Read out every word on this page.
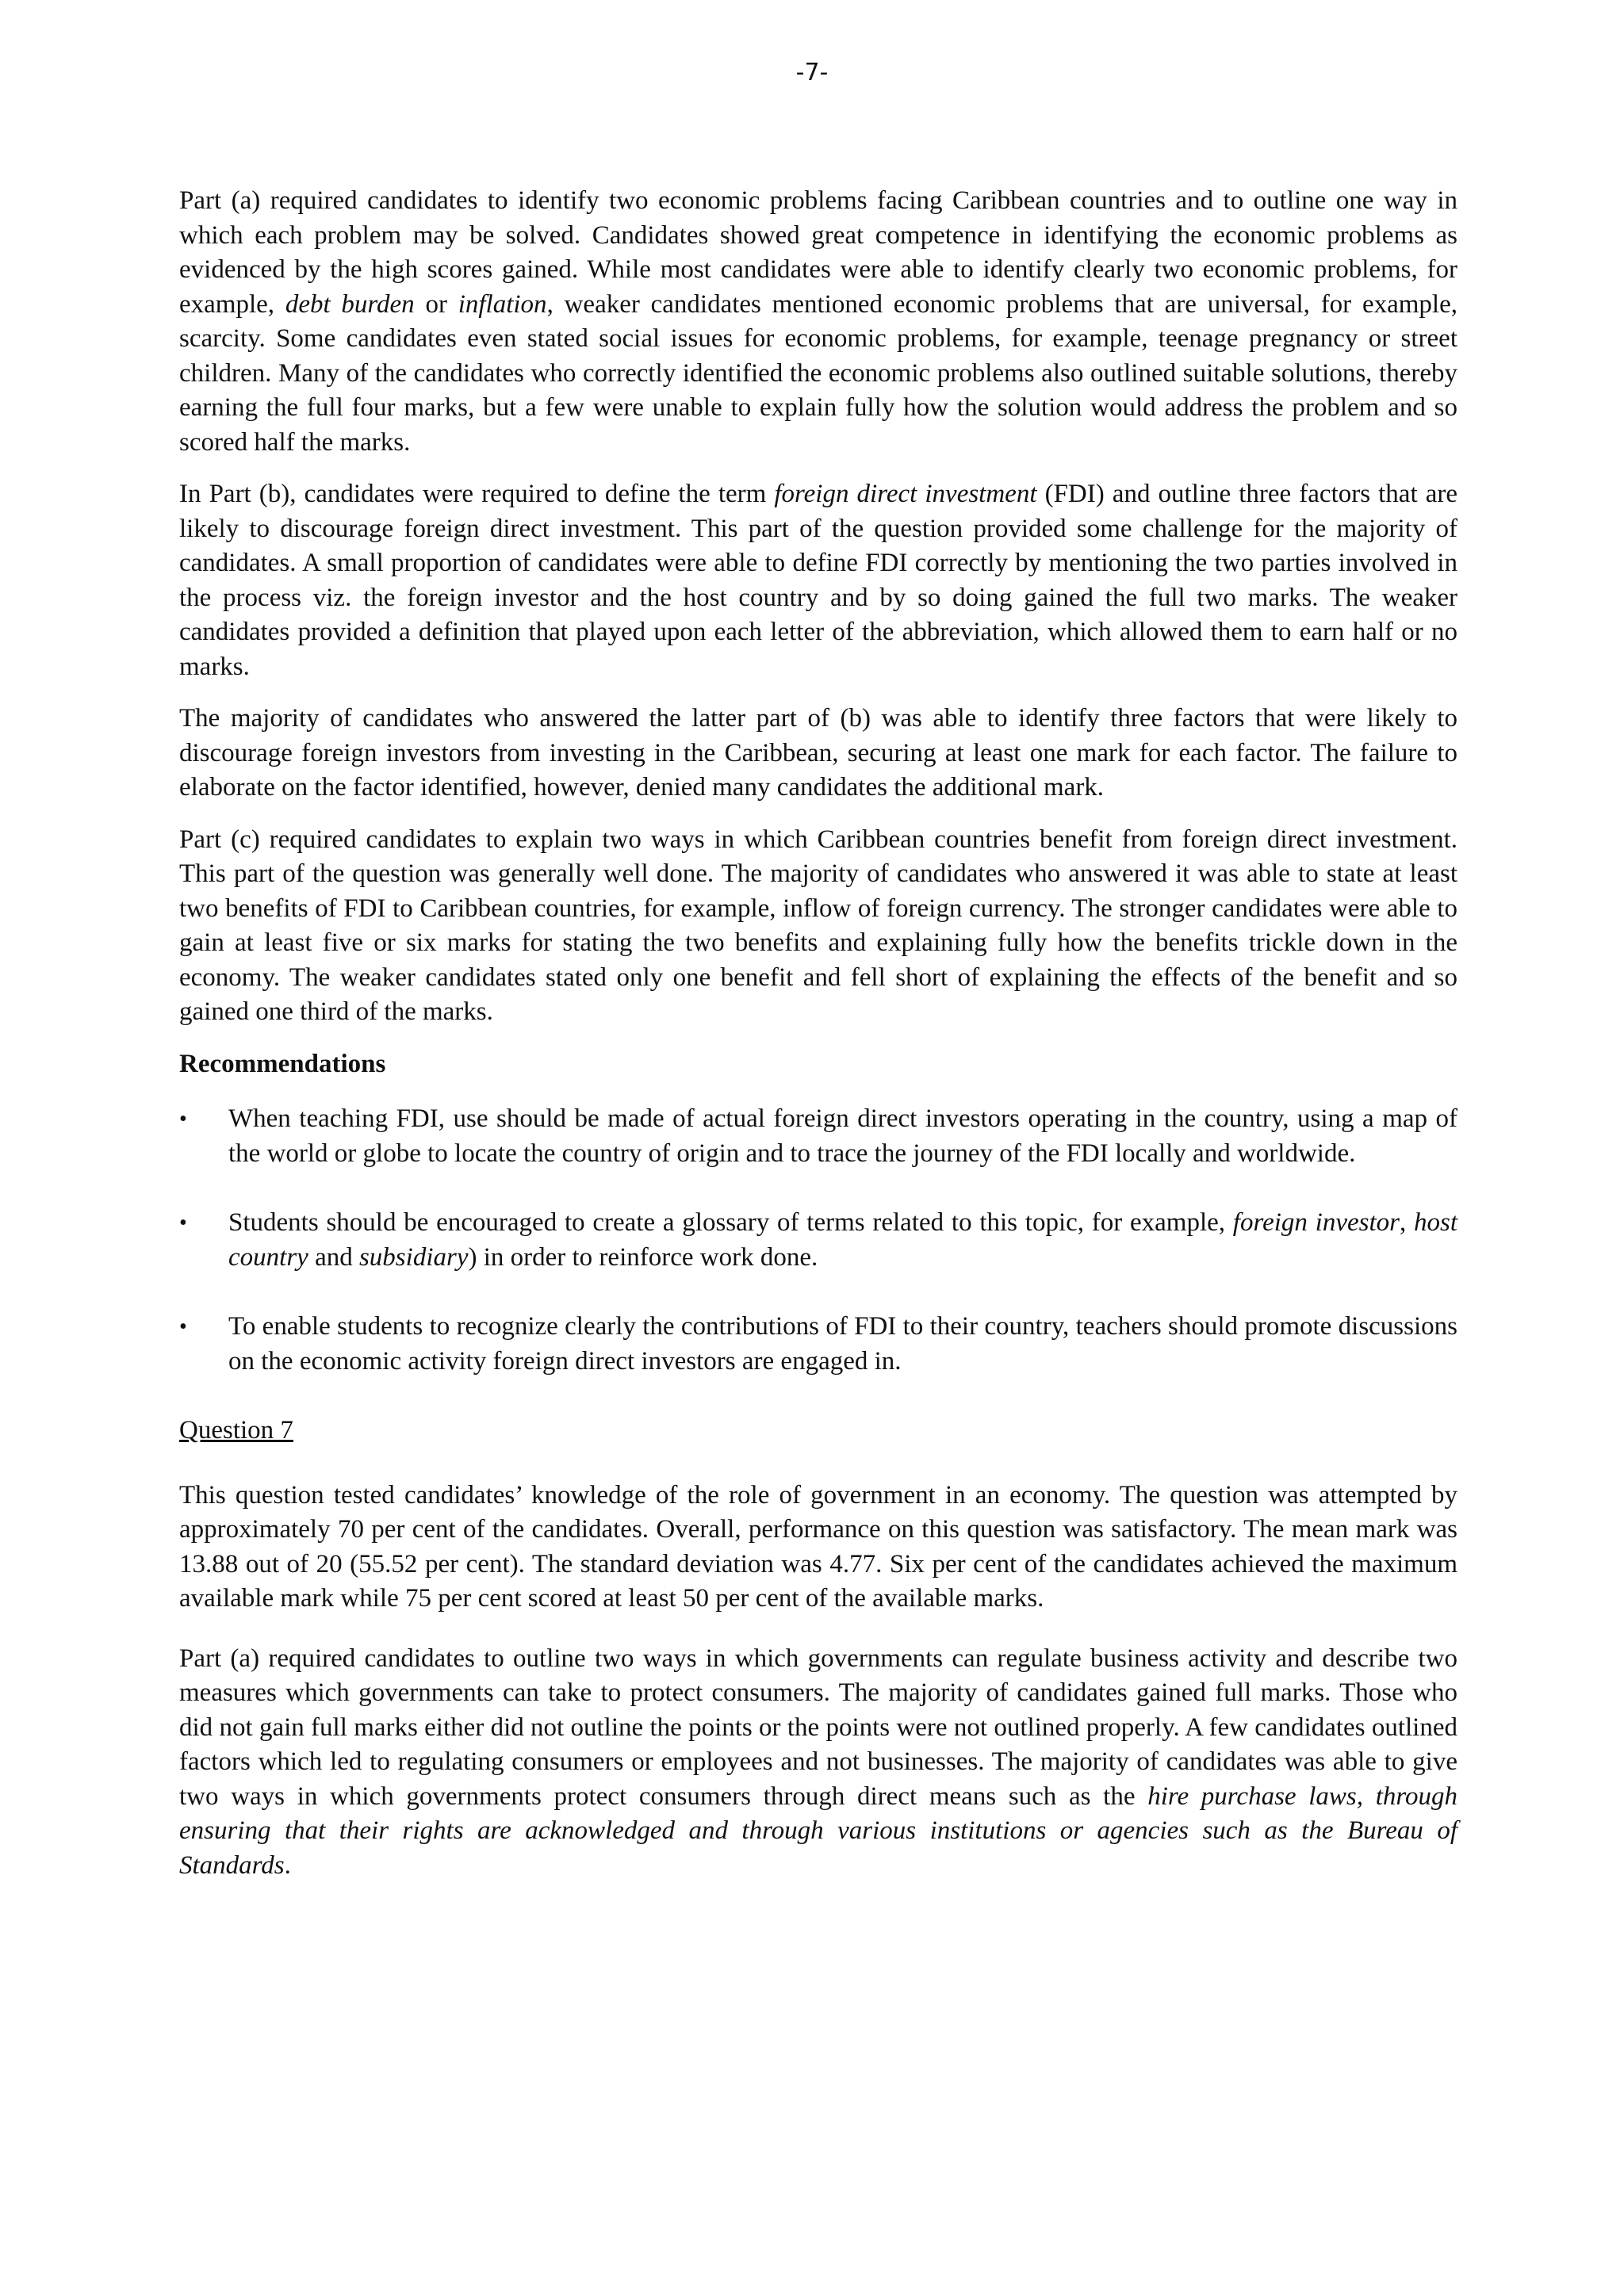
-7-

Part (a) required candidates to identify two economic problems facing Caribbean countries and to outline one way in which each problem may be solved. Candidates showed great competence in identifying the economic problems as evidenced by the high scores gained. While most candidates were able to identify clearly two economic problems, for example, debt burden or inflation, weaker candidates mentioned economic problems that are universal, for example, scarcity. Some candidates even stated social issues for economic problems, for example, teenage pregnancy or street children. Many of the candidates who correctly identified the economic problems also outlined suitable solutions, thereby earning the full four marks, but a few were unable to explain fully how the solution would address the problem and so scored half the marks.

In Part (b), candidates were required to define the term foreign direct investment (FDI) and outline three factors that are likely to discourage foreign direct investment. This part of the question provided some challenge for the majority of candidates. A small proportion of candidates were able to define FDI correctly by mentioning the two parties involved in the process viz. the foreign investor and the host country and by so doing gained the full two marks. The weaker candidates provided a definition that played upon each letter of the abbreviation, which allowed them to earn half or no marks.

The majority of candidates who answered the latter part of (b) was able to identify three factors that were likely to discourage foreign investors from investing in the Caribbean, securing at least one mark for each factor. The failure to elaborate on the factor identified, however, denied many candidates the additional mark.

Part (c) required candidates to explain two ways in which Caribbean countries benefit from foreign direct investment. This part of the question was generally well done. The majority of candidates who answered it was able to state at least two benefits of FDI to Caribbean countries, for example, inflow of foreign currency. The stronger candidates were able to gain at least five or six marks for stating the two benefits and explaining fully how the benefits trickle down in the economy. The weaker candidates stated only one benefit and fell short of explaining the effects of the benefit and so gained one third of the marks.

Recommendations
• When teaching FDI, use should be made of actual foreign direct investors operating in the country, using a map of the world or globe to locate the country of origin and to trace the journey of the FDI locally and worldwide.
• Students should be encouraged to create a glossary of terms related to this topic, for example, foreign investor, host country and subsidiary) in order to reinforce work done.
• To enable students to recognize clearly the contributions of FDI to their country, teachers should promote discussions on the economic activity foreign direct investors are engaged in.
Question 7

This question tested candidates’ knowledge of the role of government in an economy. The question was attempted by approximately 70 per cent of the candidates. Overall, performance on this question was satisfactory. The mean mark was 13.88 out of 20 (55.52 per cent). The standard deviation was 4.77. Six per cent of the candidates achieved the maximum available mark while 75 per cent scored at least 50 per cent of the available marks.

Part (a) required candidates to outline two ways in which governments can regulate business activity and describe two measures which governments can take to protect consumers. The majority of candidates gained full marks. Those who did not gain full marks either did not outline the points or the points were not outlined properly. A few candidates outlined factors which led to regulating consumers or employees and not businesses. The majority of candidates was able to give two ways in which governments protect consumers through direct means such as the hire purchase laws, through ensuring that their rights are acknowledged and through various institutions or agencies such as the Bureau of Standards.
